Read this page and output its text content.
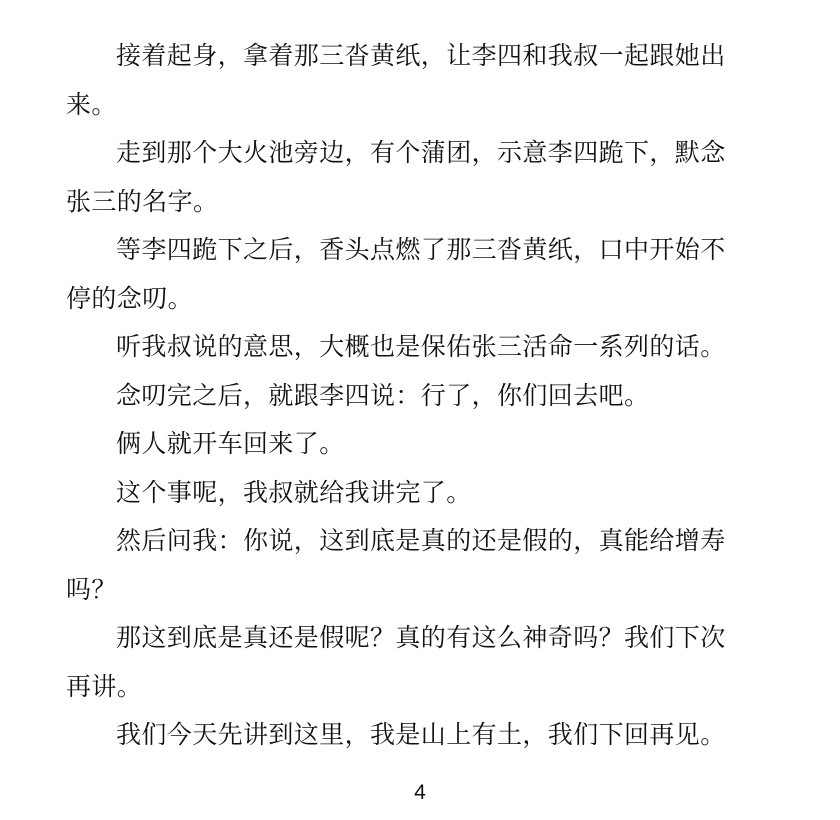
接着起身，拿着那三沓黄纸，让李四和我叔一起跟她出来。

走到那个大火池旁边，有个蒲团，示意李四跪下，默念张三的名字。

等李四跪下之后，香头点燃了那三沓黄纸，口中开始不停的念叨。

听我叔说的意思，大概也是保佑张三活命一系列的话。

念叨完之后，就跟李四说：行了，你们回去吧。

俩人就开车回来了。

这个事呢，我叔就给我讲完了。

然后问我：你说，这到底是真的还是假的，真能给增寿吗？

那这到底是真还是假呢？真的有这么神奇吗？我们下次再讲。

我们今天先讲到这里，我是山上有土，我们下回再见。

4
